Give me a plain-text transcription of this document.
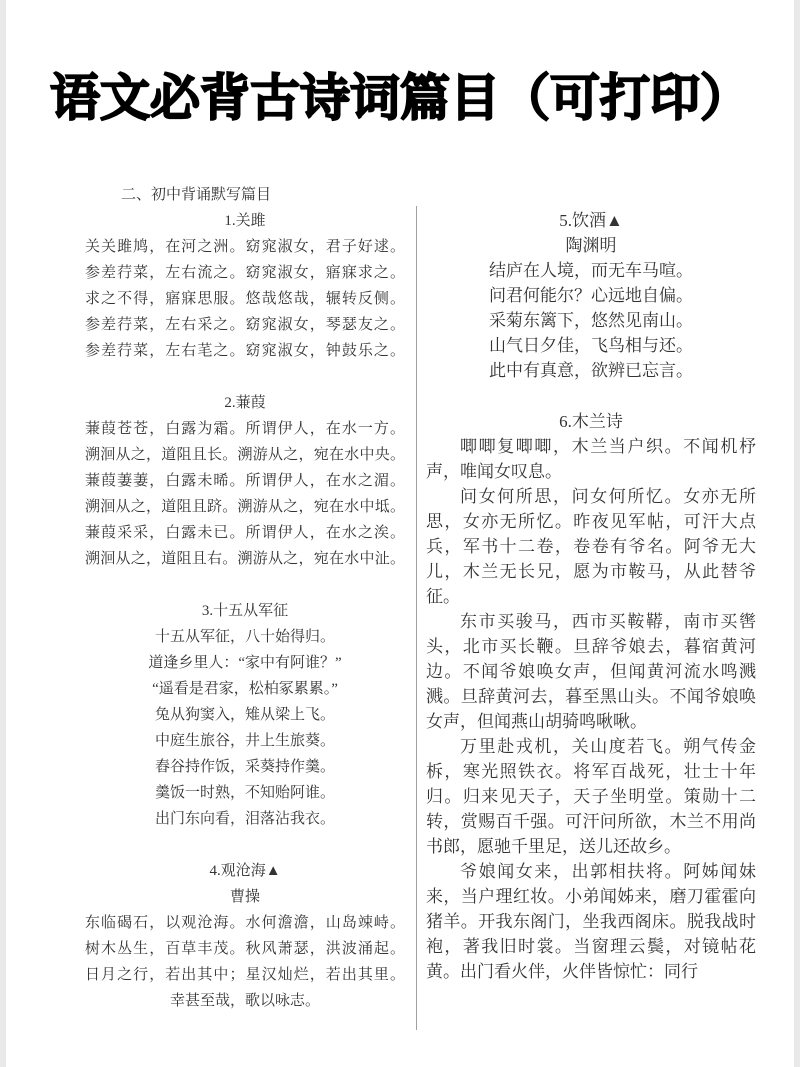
语文必背古诗词篇目（可打印）
二、初中背诵默写篇目
1.关雎
关关雎鸠，在河之洲。窈窕淑女，君子好逑。
参差荇菜，左右流之。窈窕淑女，寤寐求之。
求之不得，寤寐思服。悠哉悠哉，辗转反侧。
参差荇菜，左右采之。窈窕淑女，琴瑟友之。
参差荇菜，左右芼之。窈窕淑女，钟鼓乐之。
2.蒹葭
蒹葭苍苍，白露为霜。所谓伊人，在水一方。
溯洄从之，道阻且长。溯游从之，宛在水中央。
蒹葭萋萋，白露未晞。所谓伊人，在水之湄。
溯洄从之，道阻且跻。溯游从之，宛在水中坻。
蒹葭采采，白露未已。所谓伊人，在水之涘。
溯洄从之，道阻且右。溯游从之，宛在水中沚。
3.十五从军征
十五从军征，八十始得归。
道逢乡里人：“家中有阿谁？”
“遥看是君家，松柏冢累累。”
兔从狗窦入，雉从梁上飞。
中庭生旅谷，井上生旅葵。
舂谷持作饭，采葵持作羹。
羹饭一时熟，不知贻阿谁。
出门东向看，泪落沾我衣。
4.观沧海▲
曹操
东临碣石，以观沧海。水何澹澹，山岛竦峙。
树木丛生，百草丰茂。秋风萧瑟，洪波涌起。
日月之行，若出其中；星汉灿烂，若出其里。
幸甚至哉，歌以咏志。
5.饮酒▲
陶渊明
结庐在人境，而无车马喧。
问君何能尔？心远地自偏。
采菊东篱下，悠然见南山。
山气日夕佳，飞鸟相与还。
此中有真意，欲辨已忘言。
6.木兰诗
唧唧复唧唧，木兰当户织。不闻机杼声，唯闻女叹息。
问女何所思，问女何所忆。女亦无所思，女亦无所忆。昨夜见军帖，可汗大点兵，军书十二卷，卷卷有爷名。阿爷无大儿，木兰无长兄，愿为市鞍马，从此替爷征。
东市买骏马，西市买鞍鞯，南市买辔头，北市买长鞭。旦辞爷娘去，暮宿黄河边。不闻爷娘唤女声，但闻黄河流水鸣溅溅。旦辞黄河去，暮至黑山头。不闻爷娘唤女声，但闻燕山胡骑鸣啾啾。
万里赴戎机，关山度若飞。朔气传金柝，寒光照铁衣。将军百战死，壮士十年归。归来见天子，天子坐明堂。策勋十二转，赏赐百千强。可汗问所欲，木兰不用尚书郎，愿驰千里足，送儿还故乡。
爷娘闻女来，出郭相扶将。阿姊闻妹来，当户理红妆。小弟闻姊来，磨刀霍霍向猪羊。开我东阁门，坐我西阁床。脱我战时袍，著我旧时裳。当窗理云鬓，对镜帖花黄。出门看火伴，火伴皆惊忙：同行
